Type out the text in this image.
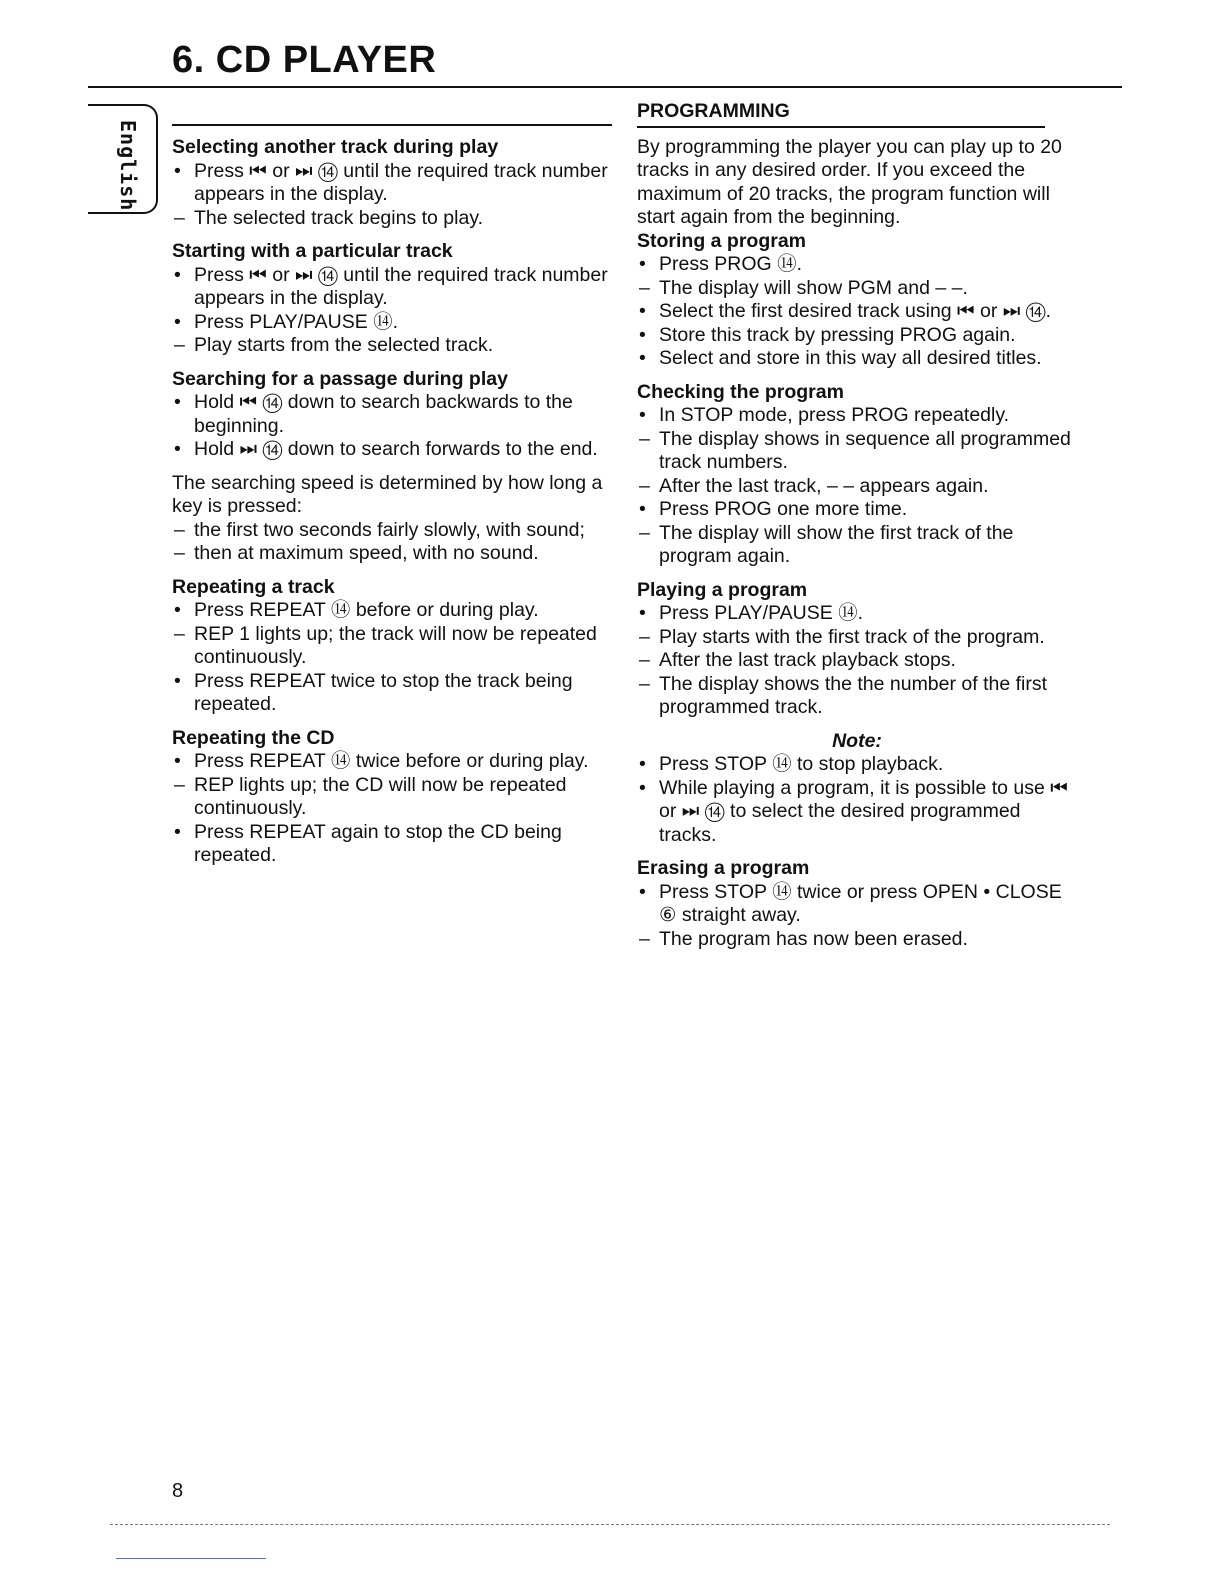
6. CD PLAYER
English Selecting another track during play

• Press ⏮ or ⏭ ⑭ until the required track number appears in the display.

– The selected track begins to play.

Starting with a particular track

• Press ⏮ or ⏭ ⑭ until the required track number appears in the display.

• Press PLAY/PAUSE ⑭.

– Play starts from the selected track.

Searching for a passage during play

• Hold ⏮ ⑭ down to search backwards to the beginning.

• Hold ⏭ ⑭ down to search forwards to the end.

The searching speed is determined by how long a key is pressed:

– the first two seconds fairly slowly, with sound;

– then at maximum speed, with no sound.

Repeating a track

• Press REPEAT ⑭ before or during play.

– REP 1 lights up; the track will now be repeated continuously.

• Press REPEAT twice to stop the track being repeated.

Repeating the CD

• Press REPEAT ⑭ twice before or during play.

– REP lights up; the CD will now be repeated continuously.

• Press REPEAT again to stop the CD being repeated.

PROGRAMMING

By programming the player you can play up to 20 tracks in any desired order. If you exceed the maximum of 20 tracks, the program function will start again from the beginning.

Storing a program

• Press PROG ⑭.

– The display will show PGM and – –.

• Select the first desired track using ⏮ or ⏭ ⑭.

• Store this track by pressing PROG again.

• Select and store in this way all desired titles.

Checking the program

• In STOP mode, press PROG repeatedly.

– The display shows in sequence all programmed track numbers.

– After the last track, – – appears again.

• Press PROG one more time.

– The display will show the first track of the program again.

Playing a program

• Press PLAY/PAUSE ⑭.

– Play starts with the first track of the program.

– After the last track playback stops.

– The display shows the the number of the first programmed track.

Note:

• Press STOP ⑭ to stop playback.

• While playing a program, it is possible to use ⏮ or ⏭ ⑭ to select the desired programmed tracks.

Erasing a program

• Press STOP ⑭ twice or press OPEN • CLOSE ⑥ straight away.

– The program has now been erased.

8
